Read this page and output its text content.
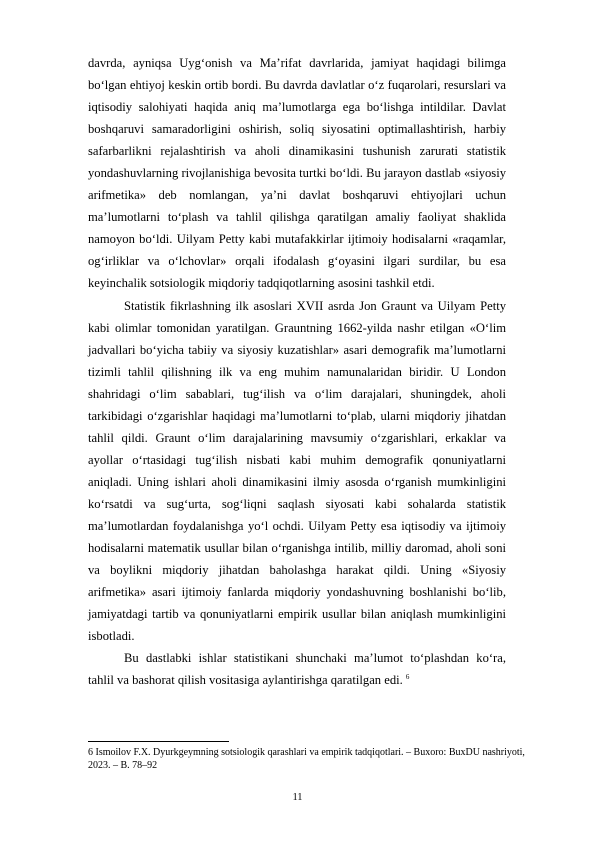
davrda, ayniqsa Uygʻonish va Maʼrifat davrlarida, jamiyat haqidagi bilimga boʻlgan ehtiyoj keskin ortib bordi. Bu davrda davlatlar oʻz fuqarolari, resurslari va iqtisodiy salohiyati haqida aniq maʼlumotlarga ega boʻlishga intildilar. Davlat boshqaruvi samaradorligini oshirish, soliq siyosatini optimallashtirish, harbiy safarbarlikni rejalashtirish va aholi dinamikasini tushunish zarurati statistik yondashuvlarning rivojlanishiga bevosita turtki boʻldi. Bu jarayon dastlab «siyosiy arifmetika» deb nomlangan, yaʼni davlat boshqaruvi ehtiyojlari uchun maʼlumotlarni toʻplash va tahlil qilishga qaratilgan amaliy faoliyat shaklida namoyon boʻldi. Uilyam Petty kabi mutafakkirlar ijtimoiy hodisalarni «raqamlar, ogʻirliklar va oʻlchovlar» orqali ifodalash gʻoyasini ilgari surdilar, bu esa keyinchalik sotsiologik miqdoriy tadqiqotlarning asosini tashkil etdi.

Statistik fikrlashning ilk asoslari XVII asrda Jon Graunt va Uilyam Petty kabi olimlar tomonidan yaratilgan. Grauntning 1662-yilda nashr etilgan «Oʻlim jadvallari boʻyicha tabiiy va siyosiy kuzatishlar» asari demografik maʼlumotlarni tizimli tahlil qilishning ilk va eng muhim namunalaridan biridir. U London shahridagi oʻlim sabablari, tugʻilish va oʻlim darajalari, shuningdek, aholi tarkibidagi oʻzgarishlar haqidagi maʼlumotlarni toʻplab, ularni miqdoriy jihatdan tahlil qildi. Graunt oʻlim darajalarining mavsumiy oʻzgarishlari, erkaklar va ayollar oʻrtasidagi tugʻilish nisbati kabi muhim demografik qonuniyatlarni aniqladi. Uning ishlari aholi dinamikasini ilmiy asosda oʻrganish mumkinligini koʻrsatdi va sugʻurta, sogʻliqni saqlash siyosati kabi sohalarda statistik maʼlumotlardan foydalanishga yoʻl ochdi. Uilyam Petty esa iqtisodiy va ijtimoiy hodisalarni matematik usullar bilan oʻrganishga intilib, milliy daromad, aholi soni va boylikni miqdoriy jihatdan baholashga harakat qildi. Uning «Siyosiy arifmetika» asari ijtimoiy fanlarda miqdoriy yondashuvning boshlanishi boʻlib, jamiyatdagi tartib va qonuniyatlarni empirik usullar bilan aniqlash mumkinligini isbotladi.

Bu dastlabki ishlar statistikani shunchaki maʼlumot toʻplashdan koʻra, tahlil va bashorat qilish vositasiga aylantirishga qaratilgan edi. $^6$

6 Ismoilov F.X. Dyurkgeymning sotsiologik qarashlari va empirik tadqiqotlari. – Buxoro: BuxDU nashriyoti, 2023. – B. 78–92

11
